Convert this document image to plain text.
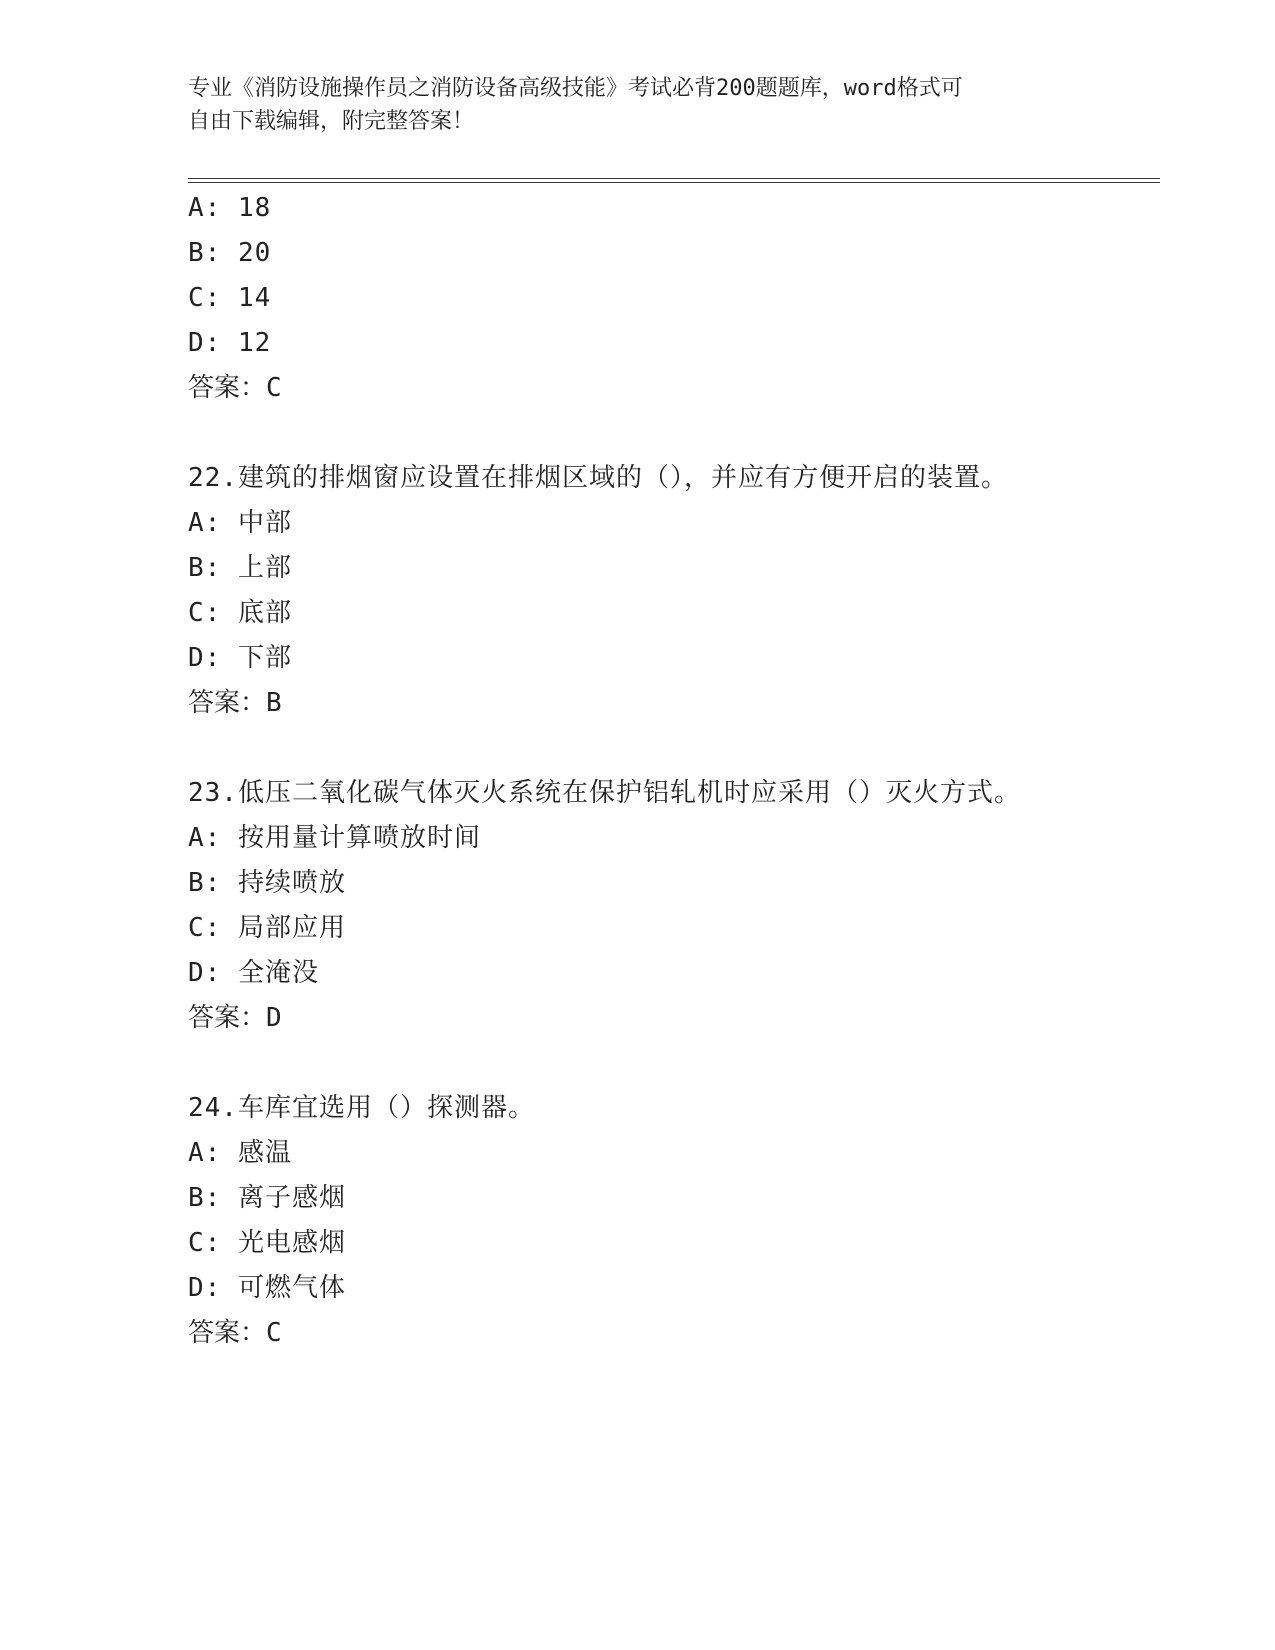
专业《消防设施操作员之消防设备高级技能》考试必背200题题库，word格式可
自由下载编辑，附完整答案！
A: 18
B: 20
C: 14
D: 12
答案：C
22.建筑的排烟窗应设置在排烟区域的（），并应有方便开启的装置。
A: 中部
B: 上部
C: 底部
D: 下部
答案：B
23.低压二氧化碳气体灭火系统在保护铝轧机时应采用（）灭火方式。
A: 按用量计算喷放时间
B: 持续喷放
C: 局部应用
D: 全淹没
答案：D
24.车库宜选用（）探测器。
A: 感温
B: 离子感烟
C: 光电感烟
D: 可燃气体
答案：C
